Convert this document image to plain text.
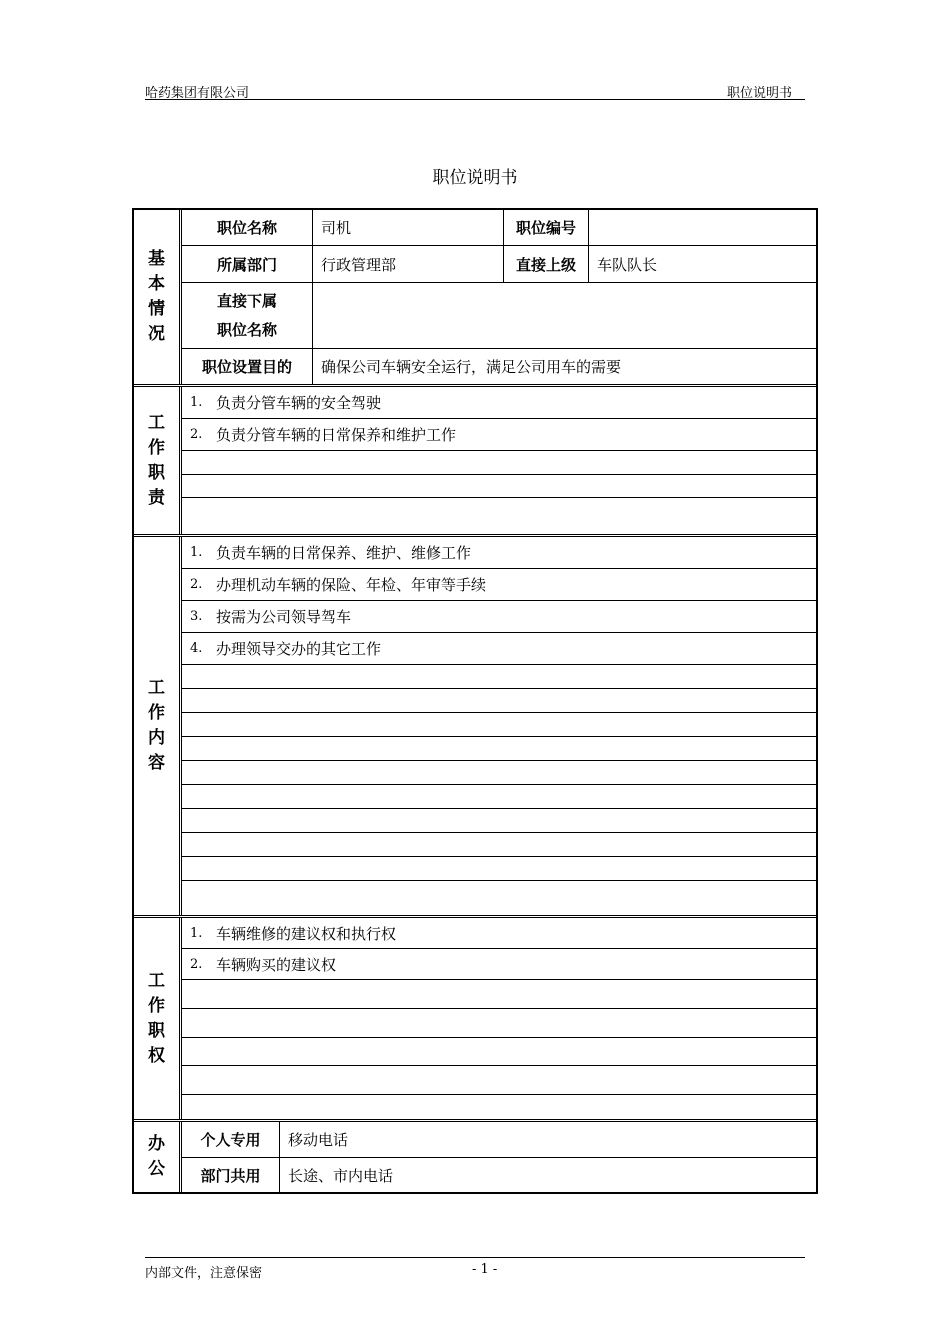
哈药集团有限公司	职位说明书
职位说明书
基本情况
职位名称	司机	职位编号
所属部门	行政管理部	直接上级	车队队长
直接下属
职位名称
职位设置目的	确保公司车辆安全运行，满足公司用车的需要
工作职责
1. 负责分管车辆的安全驾驶
2. 负责分管车辆的日常保养和维护工作
工作内容
1. 负责车辆的日常保养、维护、维修工作
2. 办理机动车辆的保险、年检、年审等手续
3. 按需为公司领导驾车
4. 办理领导交办的其它工作
工作职权
1. 车辆维修的建议权和执行权
2. 车辆购买的建议权
办公
个人专用	移动电话
部门共用	长途、市内电话
内部文件，注意保密	- 1 -
